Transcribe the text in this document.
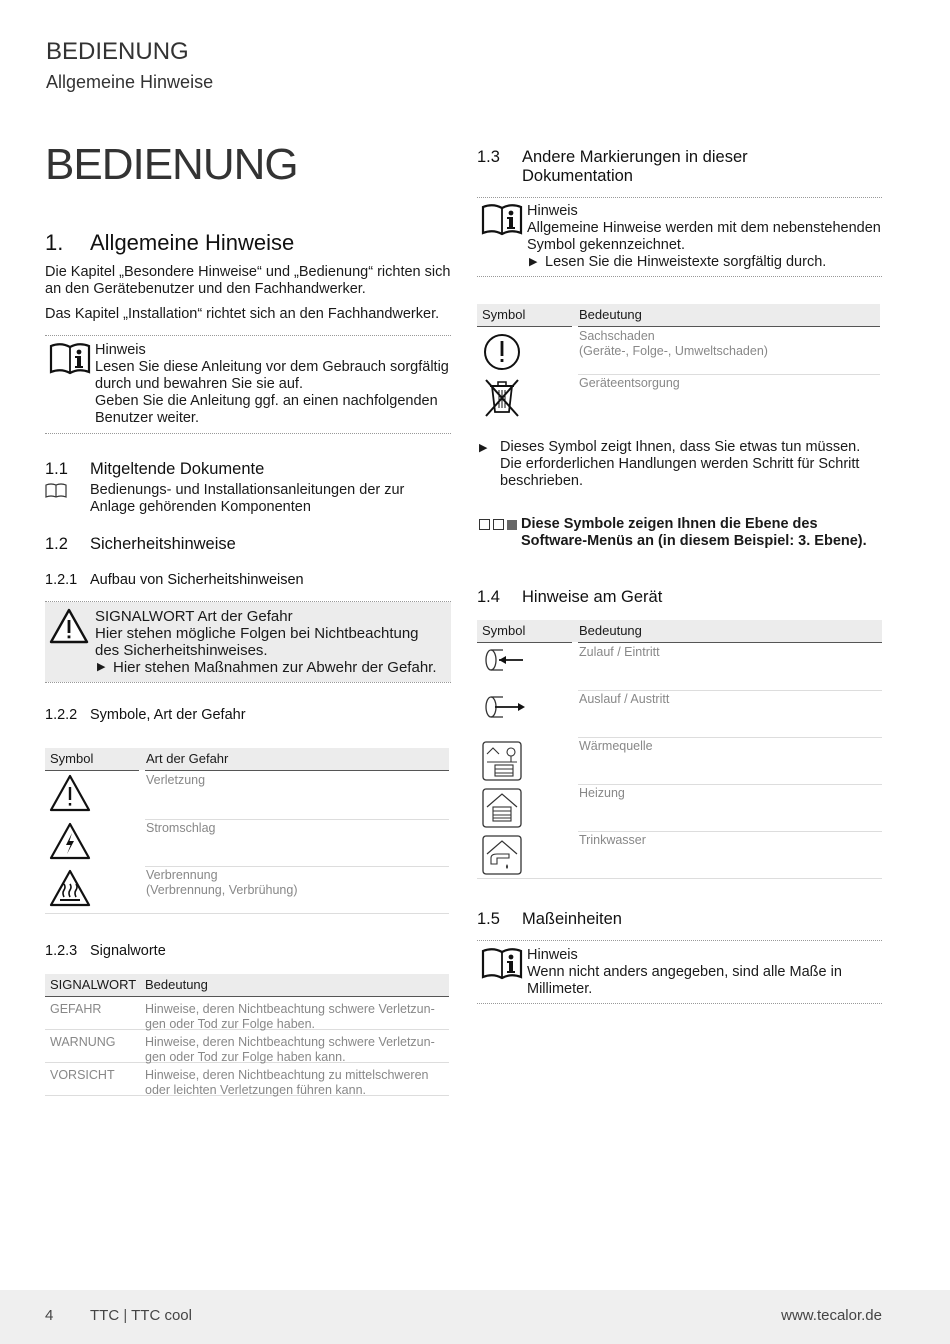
BEDIENUNG
Allgemeine Hinweise
BEDIENUNG
1. Allgemeine Hinweise
Die Kapitel „Besondere Hinweise“ und „Bedienung“ richten sich an den Gerätebenutzer und den Fachhandwerker.
Das Kapitel „Installation“ richtet sich an den Fachhandwerker.
Hinweis
Lesen Sie diese Anleitung vor dem Gebrauch sorgfältig durch und bewahren Sie sie auf.
Geben Sie die Anleitung ggf. an einen nachfolgenden Benutzer weiter.
1.1 Mitgeltende Dokumente
Bedienungs- und Installationsanleitungen der zur Anlage gehörenden Komponenten
1.2 Sicherheitshinweise
1.2.1 Aufbau von Sicherheitshinweisen
SIGNALWORT Art der Gefahr
Hier stehen mögliche Folgen bei Nichtbeachtung des Sicherheitshinweises.
▶ Hier stehen Maßnahmen zur Abwehr der Gefahr.
1.2.2 Symbole, Art der Gefahr
Symbol	Art der Gefahr
Verletzung
Stromschlag
Verbrennung
(Verbrennung, Verbrühung)
1.2.3 Signalworte
SIGNALWORT Bedeutung
GEFAHR	Hinweise, deren Nichtbeachtung schwere Verletzun-
gen oder Tod zur Folge haben.
WARNUNG Hinweise, deren Nichtbeachtung schwere Verletzun-
gen oder Tod zur Folge haben kann.
VORSICHT Hinweise, deren Nichtbeachtung zu mittelschweren
oder leichten Verletzungen führen kann.
1.3 Andere Markierungen in dieser
Dokumentation
Hinweis
Allgemeine Hinweise werden mit dem nebenstehenden Symbol gekennzeichnet.
▶ Lesen Sie die Hinweistexte sorgfältig durch.
Symbol	Bedeutung
Sachschaden
(Geräte-, Folge-, Umweltschaden)
Geräteentsorgung
▶ Dieses Symbol zeigt Ihnen, dass Sie etwas tun müssen. Die erforderlichen Handlungen werden Schritt für Schritt beschrieben.
Diese Symbole zeigen Ihnen die Ebene des Software-Menüs an (in diesem Beispiel: 3. Ebene).
1.4 Hinweise am Gerät
Symbol	Bedeutung
Zulauf / Eintritt
Auslauf / Austritt
Wärmequelle
Heizung
Trinkwasser
1.5 Maßeinheiten
Hinweis
Wenn nicht anders angegeben, sind alle Maße in Millimeter.
4 TTC | TTC cool	www.tecalor.de
